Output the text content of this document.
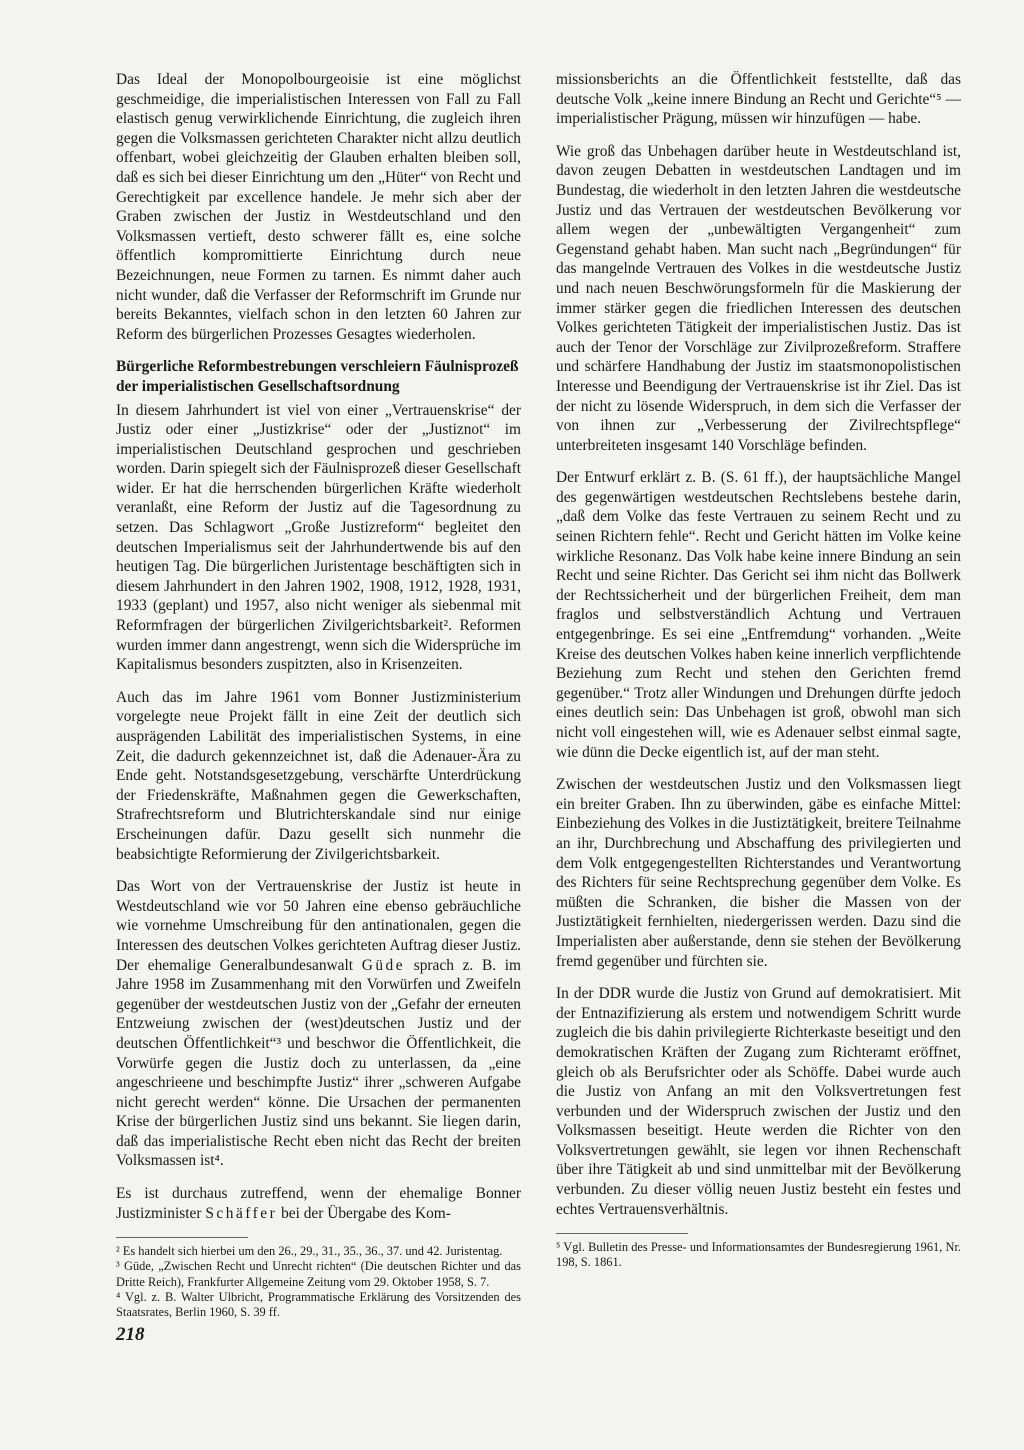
Das Ideal der Monopolbourgeoisie ist eine möglichst geschmeidige, die imperialistischen Interessen von Fall zu Fall elastisch genug verwirklichende Einrichtung, die zugleich ihren gegen die Volksmassen gerichteten Charakter nicht allzu deutlich offenbart, wobei gleichzeitig der Glauben erhalten bleiben soll, daß es sich bei dieser Einrichtung um den „Hüter“ von Recht und Gerechtigkeit par excellence handele. Je mehr sich aber der Graben zwischen der Justiz in Westdeutschland und den Volksmassen vertieft, desto schwerer fällt es, eine solche öffentlich kompromittierte Einrichtung durch neue Bezeichnungen, neue Formen zu tarnen. Es nimmt daher auch nicht wunder, daß die Verfasser der Reformschrift im Grunde nur bereits Bekanntes, vielfach schon in den letzten 60 Jahren zur Reform des bürgerlichen Prozesses Gesagtes wiederholen.

Bürgerliche Reformbestrebungen verschleiern Fäulnisprozeß der imperialistischen Gesellschaftsordnung

In diesem Jahrhundert ist viel von einer „Vertrauenskrise“ der Justiz oder einer „Justizkrise“ oder der „Justiznot“ im imperialistischen Deutschland gesprochen und geschrieben worden. Darin spiegelt sich der Fäulnisprozeß dieser Gesellschaft wider. Er hat die herrschenden bürgerlichen Kräfte wiederholt veranlaßt, eine Reform der Justiz auf die Tagesordnung zu setzen. Das Schlagwort „Große Justizreform“ begleitet den deutschen Imperialismus seit der Jahrhundertwende bis auf den heutigen Tag. Die bürgerlichen Juristentage beschäftigten sich in diesem Jahrhundert in den Jahren 1902, 1908, 1912, 1928, 1931, 1933 (geplant) und 1957, also nicht weniger als siebenmal mit Reformfragen der bürgerlichen Zivilgerichtsbarkeit². Reformen wurden immer dann angestrengt, wenn sich die Widersprüche im Kapitalismus besonders zuspitzten, also in Krisenzeiten.

Auch das im Jahre 1961 vom Bonner Justizministerium vorgelegte neue Projekt fällt in eine Zeit der deutlich sich ausprägenden Labilität des imperialistischen Systems, in eine Zeit, die dadurch gekennzeichnet ist, daß die Adenauer-Ära zu Ende geht. Notstandsgesetzgebung, verschärfte Unterdrückung der Friedenskräfte, Maßnahmen gegen die Gewerkschaften, Strafrechtsreform und Blutrichterskandale sind nur einige Erscheinungen dafür. Dazu gesellt sich nunmehr die beabsichtigte Reformierung der Zivilgerichtsbarkeit.

Das Wort von der Vertrauenskrise der Justiz ist heute in Westdeutschland wie vor 50 Jahren eine ebenso gebräuchliche wie vornehme Umschreibung für den antinationalen, gegen die Interessen des deutschen Volkes gerichteten Auftrag dieser Justiz. Der ehemalige Generalbundesanwalt Güde sprach z. B. im Jahre 1958 im Zusammenhang mit den Vorwürfen und Zweifeln gegenüber der westdeutschen Justiz von der „Gefahr der erneuten Entzweiung zwischen der (west)deutschen Justiz und der deutschen Öffentlichkeit“³ und beschwor die Öffentlichkeit, die Vorwürfe gegen die Justiz doch zu unterlassen, da „eine angeschrieene und beschimpfte Justiz“ ihrer „schweren Aufgabe nicht gerecht werden“ könne. Die Ursachen der permanenten Krise der bürgerlichen Justiz sind uns bekannt. Sie liegen darin, daß das imperialistische Recht eben nicht das Recht der breiten Volksmassen ist⁴.

Es ist durchaus zutreffend, wenn der ehemalige Bonner Justizminister Schäffer bei der Übergabe des Kom-

² Es handelt sich hierbei um den 26., 29., 31., 35., 36., 37. und 42. Juristentag.

³ Güde, „Zwischen Recht und Unrecht richten“ (Die deutschen Richter und das Dritte Reich), Frankfurter Allgemeine Zeitung vom 29. Oktober 1958, S. 7.

⁴ Vgl. z. B. Walter Ulbricht, Programmatische Erklärung des Vorsitzenden des Staatsrates, Berlin 1960, S. 39 ff.

missionsberichts an die Öffentlichkeit feststellte, daß das deutsche Volk „keine innere Bindung an Recht und Gerichte“⁵ — imperialistischer Prägung, müssen wir hinzufügen — habe.

Wie groß das Unbehagen darüber heute in Westdeutschland ist, davon zeugen Debatten in westdeutschen Landtagen und im Bundestag, die wiederholt in den letzten Jahren die westdeutsche Justiz und das Vertrauen der westdeutschen Bevölkerung vor allem wegen der „unbewältigten Vergangenheit“ zum Gegenstand gehabt haben. Man sucht nach „Begründungen“ für das mangelnde Vertrauen des Volkes in die westdeutsche Justiz und nach neuen Beschwörungsformeln für die Maskierung der immer stärker gegen die friedlichen Interessen des deutschen Volkes gerichteten Tätigkeit der imperialistischen Justiz. Das ist auch der Tenor der Vorschläge zur Zivilprozeßreform. Straffere und schärfere Handhabung der Justiz im staatsmonopolistischen Interesse und Beendigung der Vertrauenskrise ist ihr Ziel. Das ist der nicht zu lösende Widerspruch, in dem sich die Verfasser der von ihnen zur „Verbesserung der Zivilrechtspflege“ unterbreiteten insgesamt 140 Vorschläge befinden.

Der Entwurf erklärt z. B. (S. 61 ff.), der hauptsächliche Mangel des gegenwärtigen westdeutschen Rechtslebens bestehe darin, „daß dem Volke das feste Vertrauen zu seinem Recht und zu seinen Richtern fehle“. Recht und Gericht hätten im Volke keine wirkliche Resonanz. Das Volk habe keine innere Bindung an sein Recht und seine Richter. Das Gericht sei ihm nicht das Bollwerk der Rechtssicherheit und der bürgerlichen Freiheit, dem man fraglos und selbstverständlich Achtung und Vertrauen entgegenbringe. Es sei eine „Entfremdung“ vorhanden. „Weite Kreise des deutschen Volkes haben keine innerlich verpflichtende Beziehung zum Recht und stehen den Gerichten fremd gegenüber.“ Trotz aller Windungen und Drehungen dürfte jedoch eines deutlich sein: Das Unbehagen ist groß, obwohl man sich nicht voll eingestehen will, wie es Adenauer selbst einmal sagte, wie dünn die Decke eigentlich ist, auf der man steht.

Zwischen der westdeutschen Justiz und den Volksmassen liegt ein breiter Graben. Ihn zu überwinden, gäbe es einfache Mittel: Einbeziehung des Volkes in die Justiztätigkeit, breitere Teilnahme an ihr, Durchbrechung und Abschaffung des privilegierten und dem Volk entgegengestellten Richterstandes und Verantwortung des Richters für seine Rechtsprechung gegenüber dem Volke. Es müßten die Schranken, die bisher die Massen von der Justiztätigkeit fernhielten, niedergerissen werden. Dazu sind die Imperialisten aber außerstande, denn sie stehen der Bevölkerung fremd gegenüber und fürchten sie.

In der DDR wurde die Justiz von Grund auf demokratisiert. Mit der Entnazifizierung als erstem und notwendigem Schritt wurde zugleich die bis dahin privilegierte Richterkaste beseitigt und den demokratischen Kräften der Zugang zum Richteramt eröffnet, gleich ob als Berufsrichter oder als Schöffe. Dabei wurde auch die Justiz von Anfang an mit den Volksvertretungen fest verbunden und der Widerspruch zwischen der Justiz und den Volksmassen beseitigt. Heute werden die Richter von den Volksvertretungen gewählt, sie legen vor ihnen Rechenschaft über ihre Tätigkeit ab und sind unmittelbar mit der Bevölkerung verbunden. Zu dieser völlig neuen Justiz besteht ein festes und echtes Vertrauensverhältnis.

⁵ Vgl. Bulletin des Presse- und Informationsamtes der Bundesregierung 1961, Nr. 198, S. 1861.

218
